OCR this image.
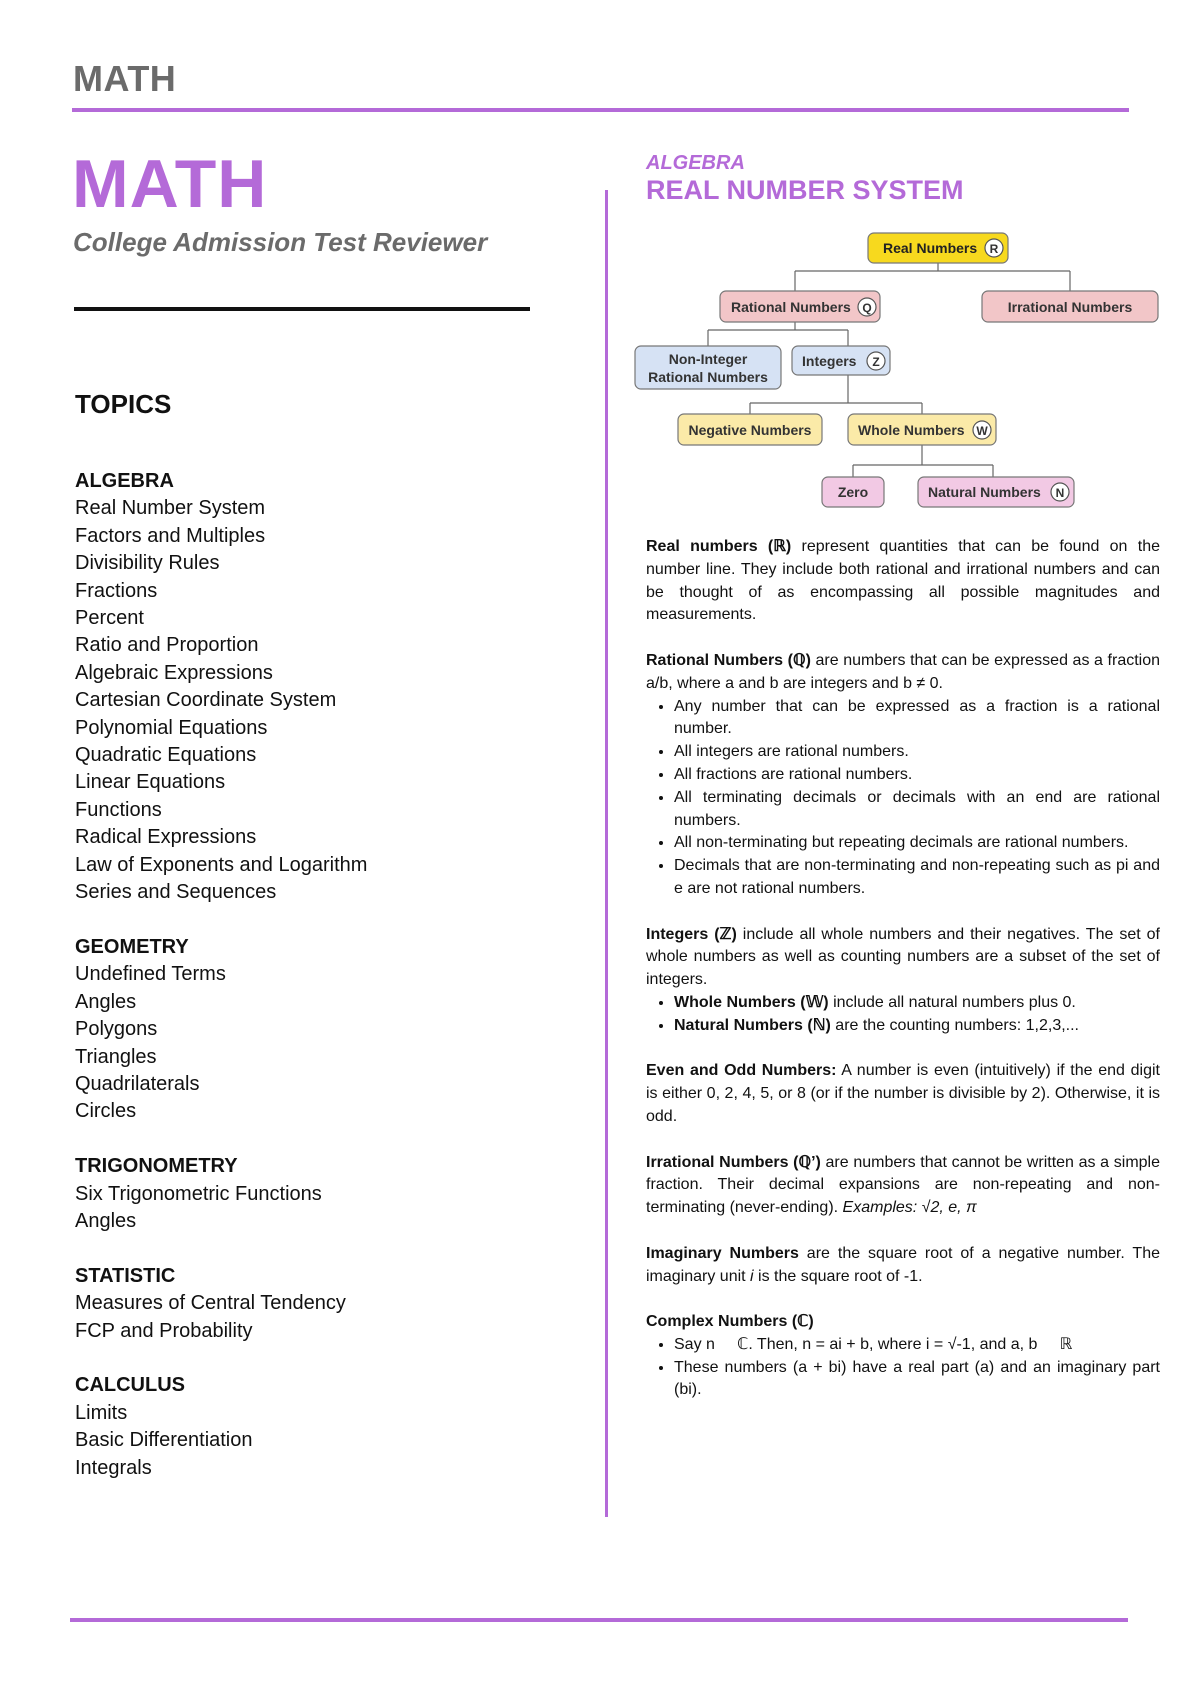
MATH
MATH
College Admission Test Reviewer
TOPICS
ALGEBRA
Real Number System
Factors and Multiples
Divisibility Rules
Fractions
Percent
Ratio and Proportion
Algebraic Expressions
Cartesian Coordinate System
Polynomial Equations
Quadratic Equations
Linear Equations
Functions
Radical Expressions
Law of Exponents and Logarithm
Series and Sequences
GEOMETRY
Undefined Terms
Angles
Polygons
Triangles
Quadrilaterals
Circles
TRIGONOMETRY
Six Trigonometric Functions
Angles
STATISTIC
Measures of Central Tendency
FCP and Probability
CALCULUS
Limits
Basic Differentiation
Integrals
ALGEBRA
REAL NUMBER SYSTEM
Real Numbers R
Rational Numbers Q	Irrational Numbers
Non-Integer
Rational Numbers
Integers Z
Negative Numbers	Whole Numbers W
Zero	Natural Numbers N

Real numbers (ℝ) represent quantities that can be found on the number line. They include both rational and irrational numbers and can be thought of as encompassing all possible magnitudes and measurements.

Rational Numbers (ℚ) are numbers that can be expressed as a fraction a/b, where a and b are integers and b ≠ 0.

• Any number that can be expressed as a fraction is a rational number.
• All integers are rational numbers.
• All fractions are rational numbers.
• All terminating decimals or decimals with an end are rational numbers.
• All non-terminating but repeating decimals are rational numbers.
• Decimals that are non-terminating and non-repeating such as pi and e are not rational numbers.

Integers (ℤ) include all whole numbers and their negatives. The set of whole numbers as well as counting numbers are a subset of the set of integers.

• Whole Numbers (𝕎) include all natural numbers plus 0.
• Natural Numbers (ℕ) are the counting numbers: 1,2,3,...

Even and Odd Numbers: A number is even (intuitively) if the end digit is either 0, 2, 4, 5, or 8 (or if the number is divisible by 2). Otherwise, it is odd.

Irrational Numbers (ℚ’) are numbers that cannot be written as a simple fraction. Their decimal expansions are non-repeating and non-terminating (never-ending). Examples: √2, e, π

Imaginary Numbers are the square root of a negative number. The imaginary unit i is the square root of -1.

Complex Numbers (ℂ)

• Say n     ℂ. Then, n = ai + b, where i = √-1, and a, b     ℝ
• These numbers (a + bi) have a real part (a) and an imaginary part (bi).
